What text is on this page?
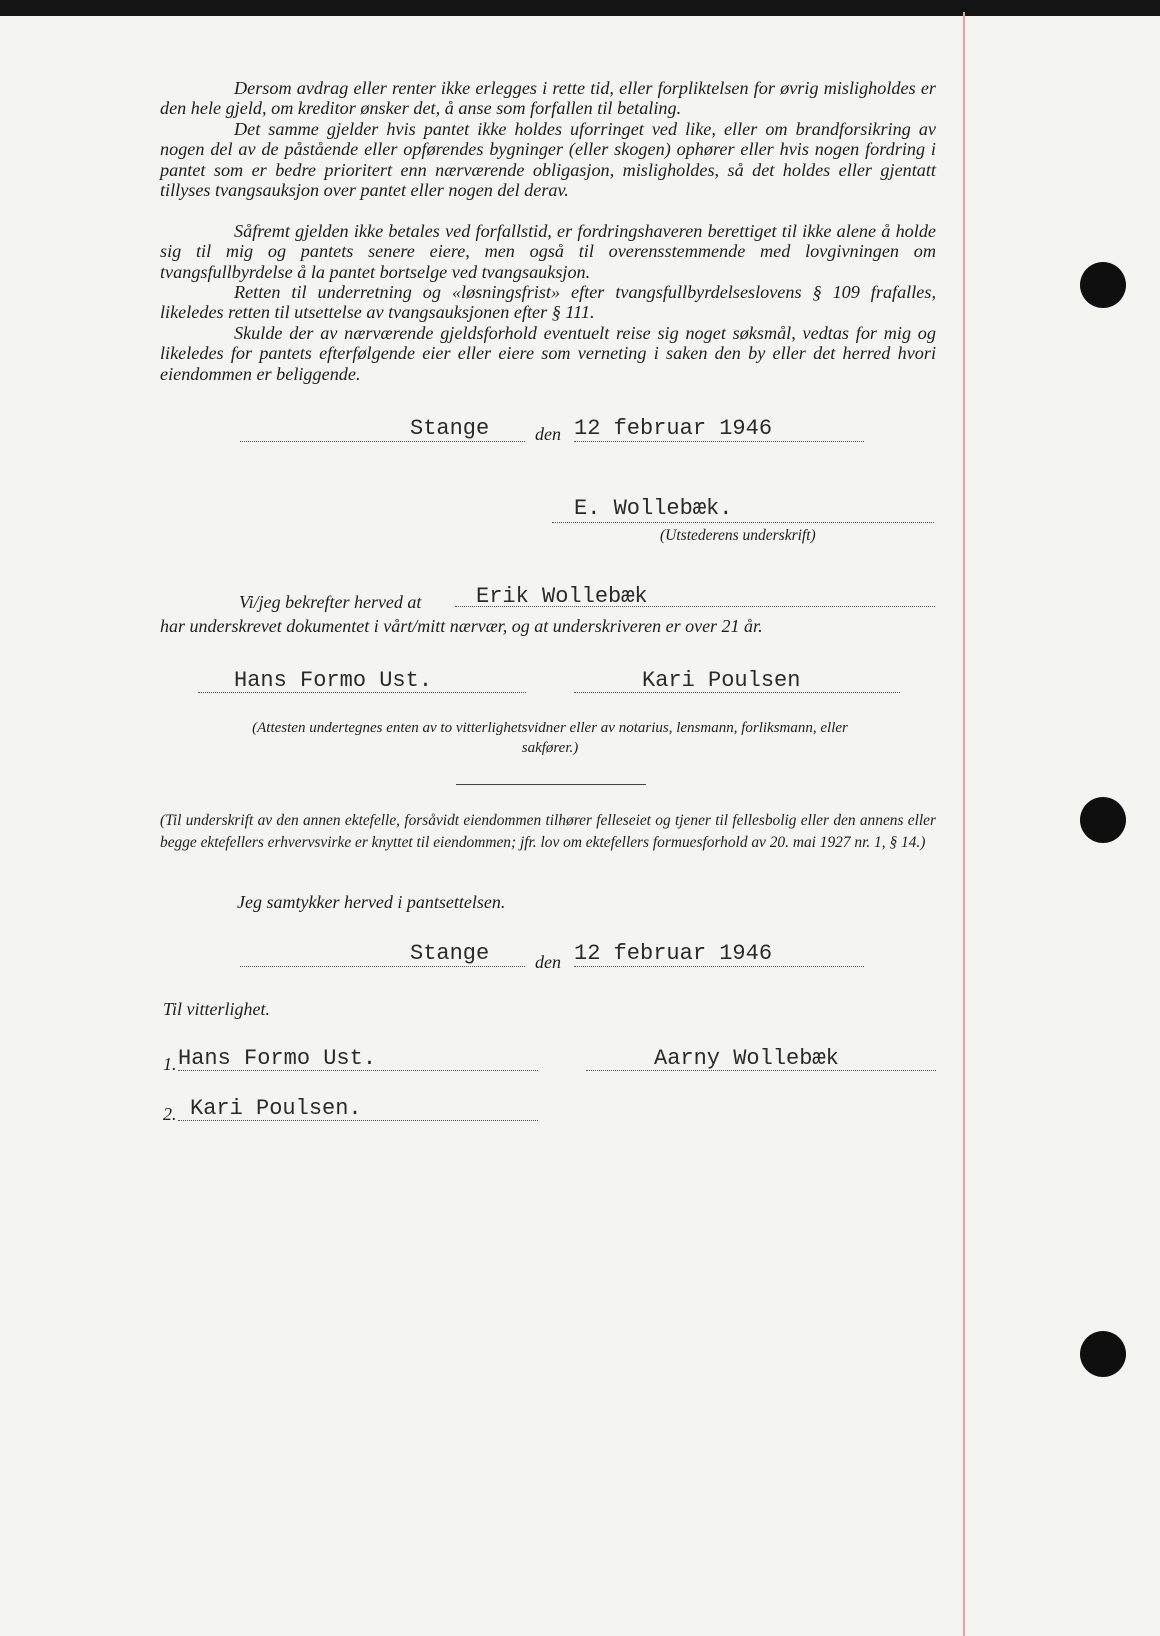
Dersom avdrag eller renter ikke erlegges i rette tid, eller forpliktelsen for øvrig misligholdes er den hele gjeld, om kreditor ønsker det, å anse som forfallen til betaling.
Det samme gjelder hvis pantet ikke holdes uforringet ved like, eller om brandforsikring av nogen del av de påstående eller opførendes bygninger (eller skogen) ophører eller hvis nogen fordring i pantet som er bedre prioritert enn nærværende obligasjon, misligholdes, så det holdes eller gjentatt tillyses tvangsauksjon over pantet eller nogen del derav.
Såfremt gjelden ikke betales ved forfallstid, er fordringshaveren berettiget til ikke alene å holde sig til mig og pantets senere eiere, men også til overensstemmende med lovgivningen om tvangsfullbyrdelse å la pantet bortselge ved tvangsauksjon.
Retten til underretning og «løsningsfrist» efter tvangsfullbyrdelseslovens § 109 frafalles, likeledes retten til utsettelse av tvangsauksjonen efter § 111.
Skulde der av nærværende gjeldsforhold eventuelt reise sig noget søksmål, vedtas for mig og likeledes for pantets efterfølgende eier eller eiere som verneting i saken den by eller det herred hvori eiendommen er beliggende.
Stange	den 12 februar 1946
E. Wollebæk.
(Utstederens underskrift)
Vi/jeg bekrefter herved at Erik Wollebæk
har underskrevet dokumentet i vårt/mitt nærvær, og at underskriveren er over 21 år.
Hans Formo Ust.	Kari Poulsen
(Attesten undertegnes enten av to vitterlighetsvidner eller av notarius, lensmann, forliksmann, eller sakfører.)
(Til underskrift av den annen ektefelle, forsåvidt eiendommen tilhører felleseiet og tjener til fellesbolig eller den annens eller begge ektefellers erhvervsvirke er knyttet til eiendommen; jfr. lov om ektefellers formuesforhold av 20. mai 1927 nr. 1, § 14.)
Jeg samtykker herved i pantsettelsen.
Stange	den 12 februar 1946
Til vitterlighet.
1. Hans Formo Ust.	Aarny Wollebæk
2. Kari Poulsen.
